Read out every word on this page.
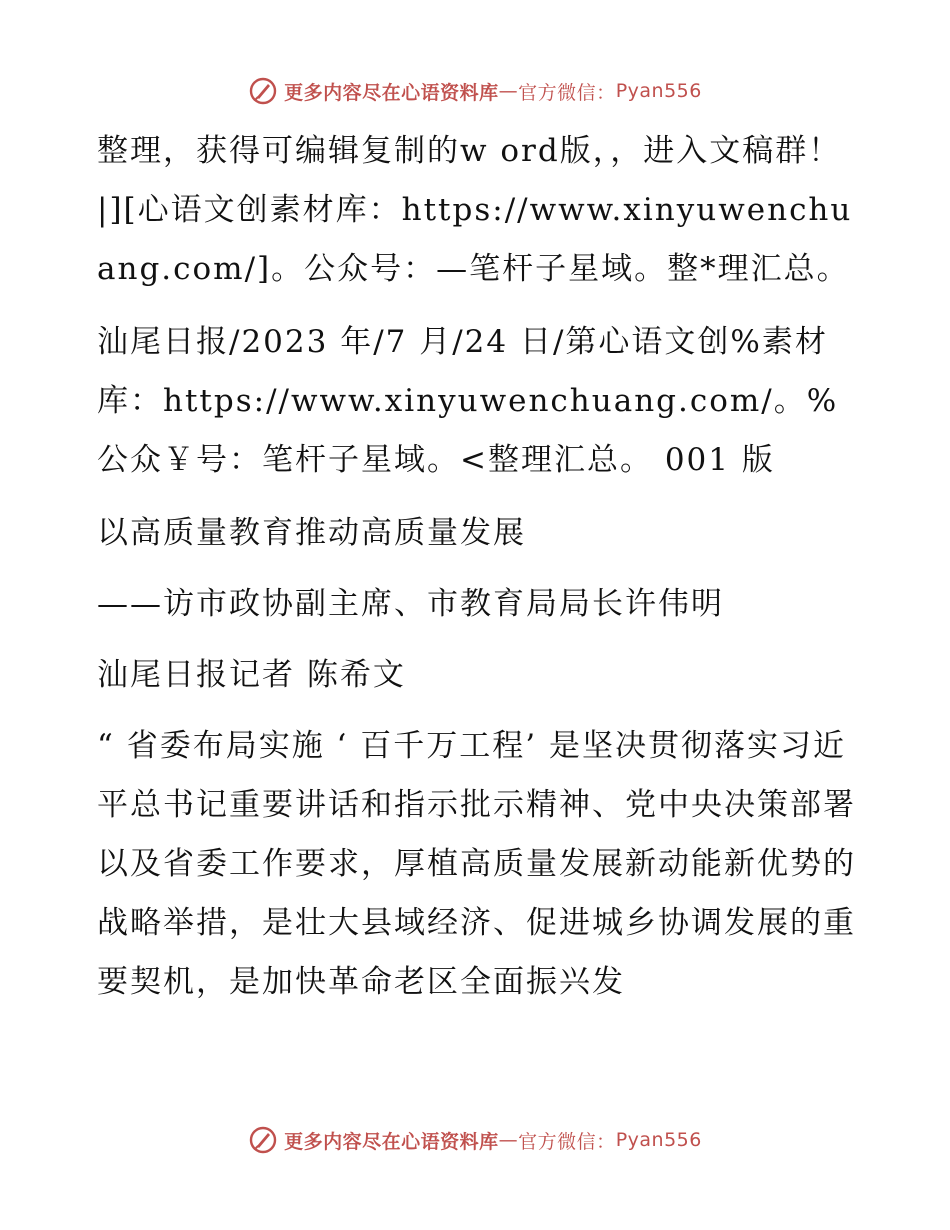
更多内容尽在心语资料库 — 官方微信： Pyan556

整理，获得可编辑复制的w ord版，，进入文稿群！|][心语文创素材库：https://www.xinyuwenchuang.com/]。公众号：—笔杆子星域。整*理汇总。

汕尾日报/2023 年/7 月/24 日/第心语文创%素材库：https://www.xinyuwenchuang.com/。%公众￥号：笔杆子星域。<整理汇总。 001 版

以高质量教育推动高质量发展

——访市政协副主席、市教育局局长许伟明

汕尾日报记者 陈希文

“ 省委布局实施 ‘ 百千万工程’ 是坚决贯彻落实习近平总书记重要讲话和指示批示精神、党中央决策部署以及省委工作要求，厚植高质量发展新动能新优势的战略举措，是壮大县域经济、促进城乡协调发展的重要契机，是加快革命老区全面振兴发

更多内容尽在心语资料库 — 官方微信： Pyan556
